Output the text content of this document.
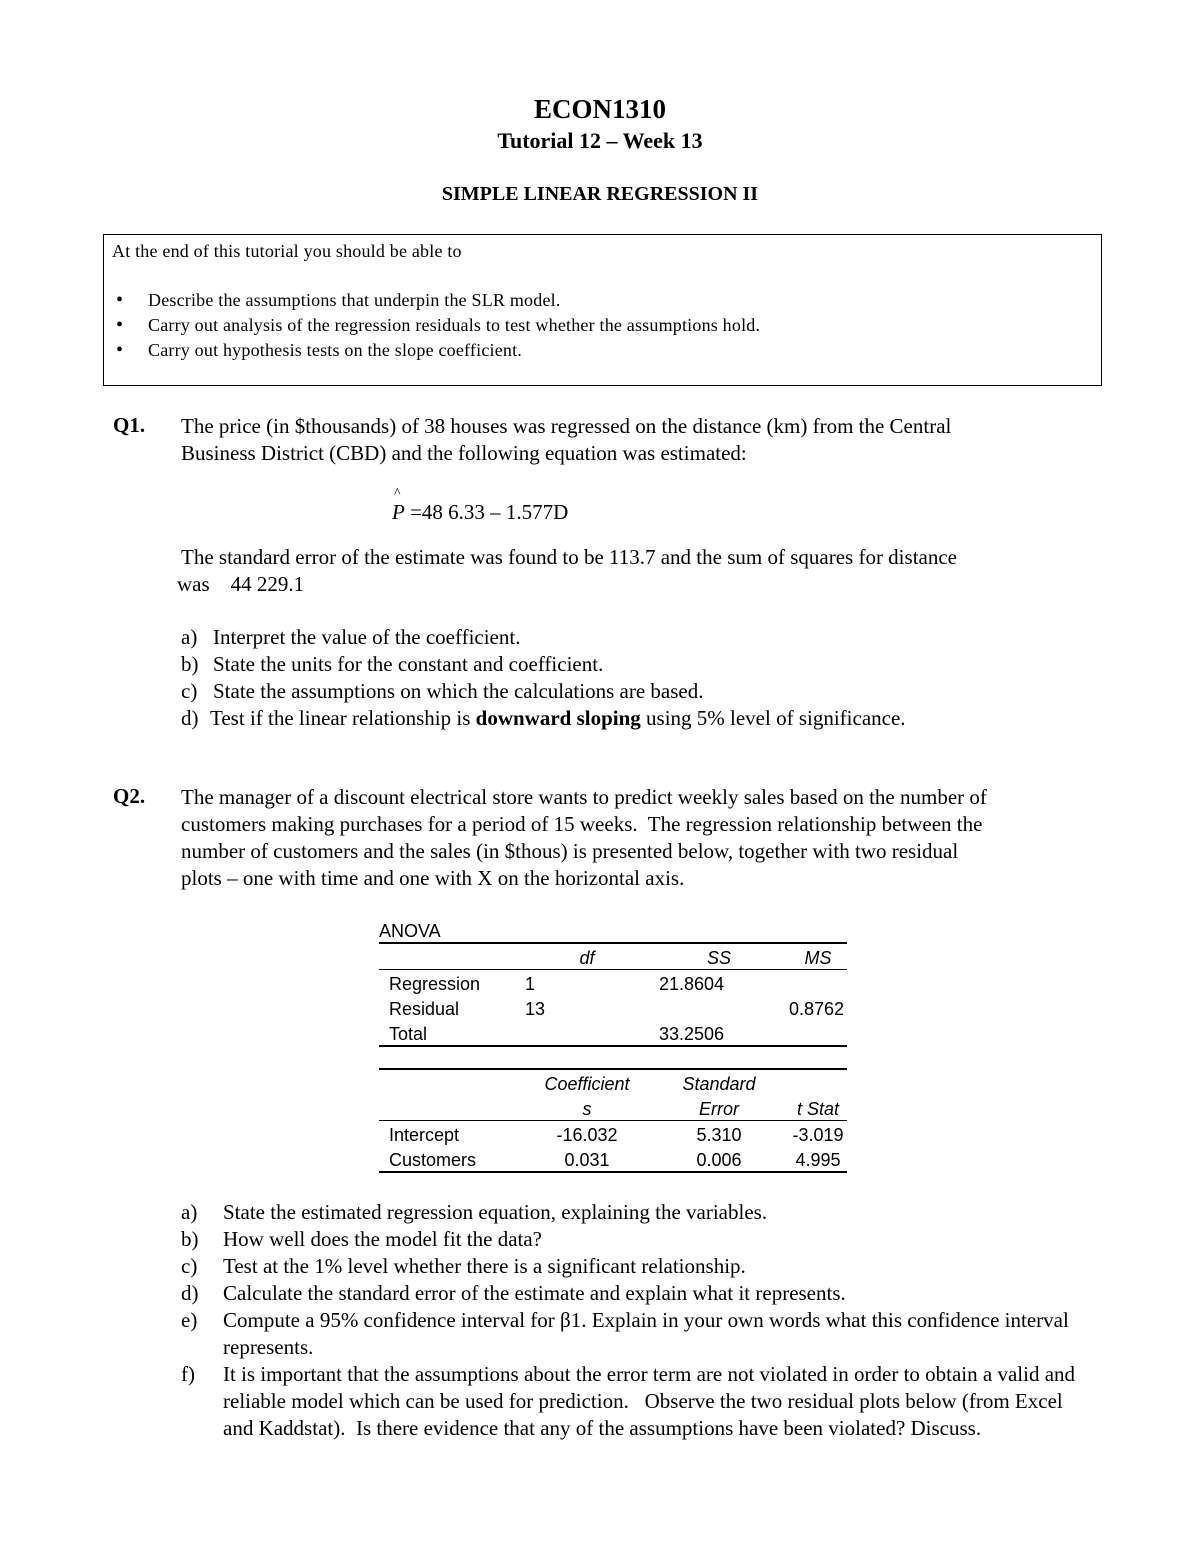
ECON1310
Tutorial 12 – Week 13
SIMPLE LINEAR REGRESSION II
At the end of this tutorial you should be able to
• Describe the assumptions that underpin the SLR model.
• Carry out analysis of the regression residuals to test whether the assumptions hold.
• Carry out hypothesis tests on the slope coefficient.
Q1. The price (in $thousands) of 38 houses was regressed on the distance (km) from the Central
Business District (CBD) and the following equation was estimated:
^ P =48 6.33 – 1.577D
The standard error of the estimate was found to be 113.7 and the sum of squares for distance
was    44 229.1
a) Interpret the value of the coefficient.
b) State the units for the constant and coefficient.
c) State the assumptions on which the calculations are based.
d) Test if the linear relationship is downward sloping using 5% level of significance.
Q2. The manager of a discount electrical store wants to predict weekly sales based on the number of
customers making purchases for a period of 15 weeks.  The regression relationship between the
number of customers and the sales (in $thous) is presented below, together with two residual
plots – one with time and one with X on the horizontal axis.
ANOVA
	df	SS	MS
Regression	1	21.8604	
Residual	13		0.8762
Total		33.2506	
	Coefficient	Standard	
	s	Error	t Stat
Intercept	-16.032	5.310	-3.019
Customers	0.031	0.006	4.995
a) State the estimated regression equation, explaining the variables.
b) How well does the model fit the data?
c) Test at the 1% level whether there is a significant relationship.
d) Calculate the standard error of the estimate and explain what it represents.
e) Compute a 95% confidence interval for β1. Explain in your own words what this confidence interval represents.
f) It is important that the assumptions about the error term are not violated in order to obtain a valid and reliable model which can be used for prediction.   Observe the two residual plots below (from Excel and Kaddstat).  Is there evidence that any of the assumptions have been violated? Discuss.
